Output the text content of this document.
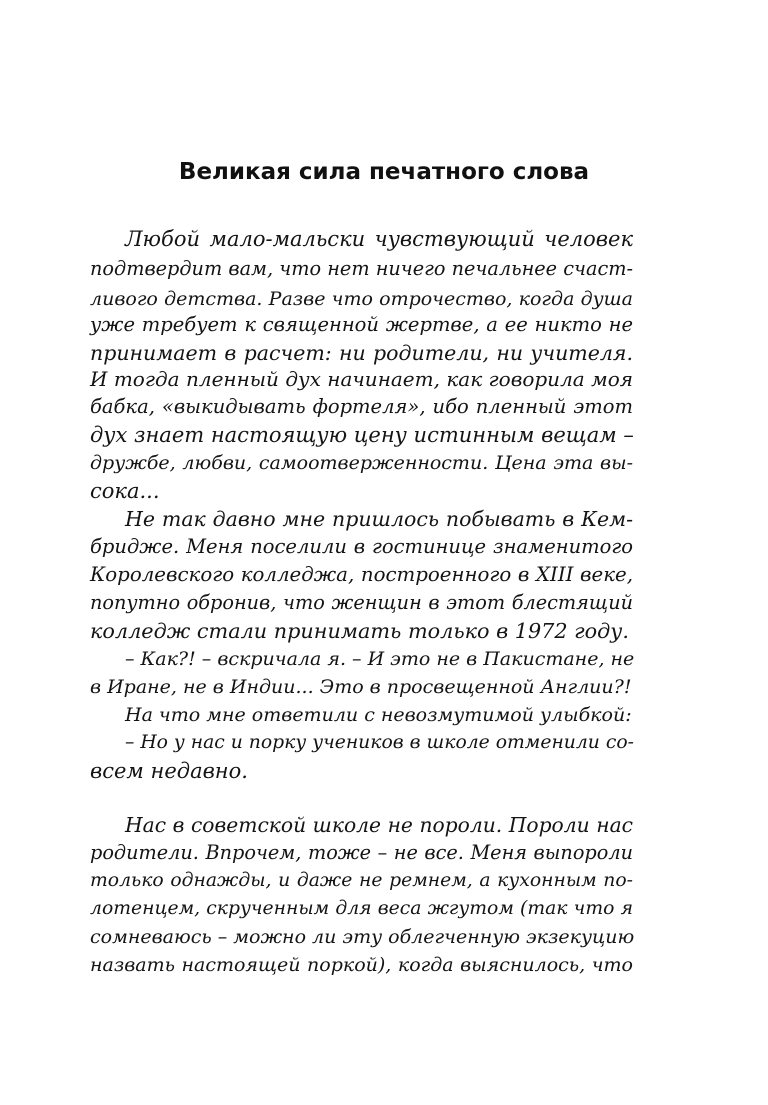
Великая сила печатного слова
Любой мало-мальски чувствующий человек
подтвердит вам, что нет ничего печальнее счаст-
ливого детства. Разве что отрочество, когда душа
уже требует к священной жертве, а ее никто не
принимает в расчет: ни родители, ни учителя.
И тогда пленный дух начинает, как говорила моя
бабка, «выкидывать фортеля», ибо пленный этот
дух знает настоящую цену истинным вещам –
дружбе, любви, самоотверженности. Цена эта вы-
сока...
Не так давно мне пришлось побывать в Кем-
бридже. Меня поселили в гостинице знаменитого
Королевского колледжа, построенного в XIII веке,
попутно обронив, что женщин в этот блестящий
колледж стали принимать только в 1972 году.
– Как?! – вскричала я. – И это не в Пакистане, не
в Иране, не в Индии... Это в просвещенной Англии?!
На что мне ответили с невозмутимой улыбкой:
– Но у нас и порку учеников в школе отменили со-
всем недавно.
Нас в советской школе не пороли. Пороли нас
родители. Впрочем, тоже – не все. Меня выпороли
только однажды, и даже не ремнем, а кухонным по-
лотенцем, скрученным для веса жгутом (так что я
сомневаюсь – можно ли эту облегченную экзекуцию
назвать настоящей поркой), когда выяснилось, что
